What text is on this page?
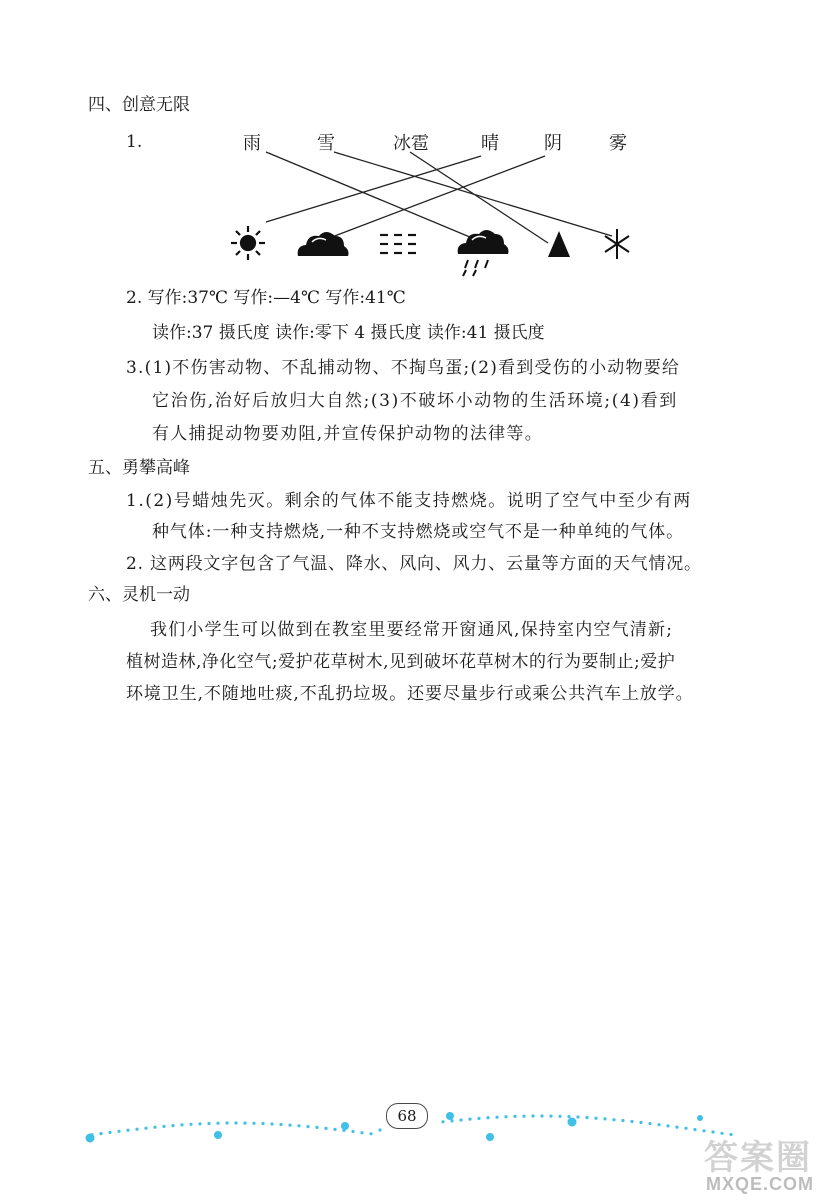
四、创意无限
1.	雨	雪	冰雹	晴	阴	雾
2. 写作:37℃ 写作:—4℃ 写作:41℃
读作:37 摄氏度 读作:零下 4 摄氏度 读作:41 摄氏度
3.(1)不伤害动物、不乱捕动物、不掏鸟蛋;(2)看到受伤的小动物要给
它治伤,治好后放归大自然;(3)不破坏小动物的生活环境;(4)看到
有人捕捉动物要劝阻,并宣传保护动物的法律等。
五、勇攀高峰
1.(2)号蜡烛先灭。剩余的气体不能支持燃烧。说明了空气中至少有两
种气体:一种支持燃烧,一种不支持燃烧或空气不是一种单纯的气体。
2. 这两段文字包含了气温、降水、风向、风力、云量等方面的天气情况。
六、灵机一动
我们小学生可以做到在教室里要经常开窗通风,保持室内空气清新;
植树造林,净化空气;爱护花草树木,见到破坏花草树木的行为要制止;爱护
环境卫生,不随地吐痰,不乱扔垃圾。还要尽量步行或乘公共汽车上放学。
68
答案圈
MXQE.COM
